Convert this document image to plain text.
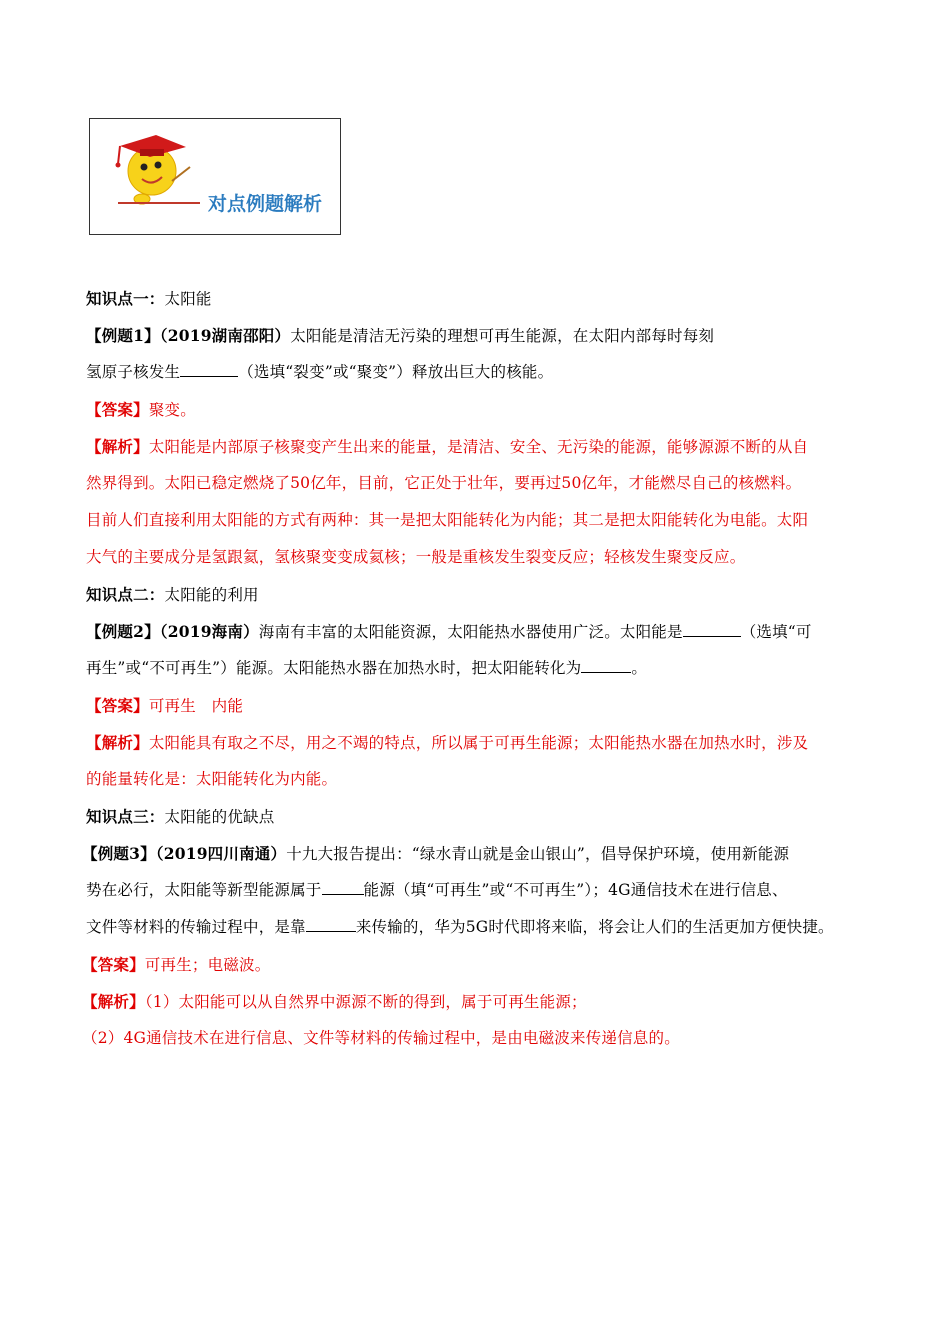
对点例题解析
知识点一：太阳能
【例题1】（2019湖南邵阳）太阳能是清洁无污染的理想可再生能源，在太阳内部每时每刻
氢原子核发生	（选填“裂变”或“聚变”）释放出巨大的核能。
【答案】聚变。
【解析】太阳能是内部原子核聚变产生出来的能量，是清洁、安全、无污染的能源，能够源源不断的从自
然界得到。太阳已稳定燃烧了50亿年，目前，它正处于壮年，要再过50亿年，才能燃尽自己的核燃料。
目前人们直接利用太阳能的方式有两种：其一是把太阳能转化为内能；其二是把太阳能转化为电能。太阳
大气的主要成分是氢跟氦，氢核聚变变成氦核；一般是重核发生裂变反应；轻核发生聚变反应。
知识点二：太阳能的利用
【例题2】（2019海南）海南有丰富的太阳能资源，太阳能热水器使用广泛。太阳能是	（选填“可
再生”或“不可再生”）能源。太阳能热水器在加热水时，把太阳能转化为	。
【答案】可再生　内能
【解析】太阳能具有取之不尽，用之不竭的特点，所以属于可再生能源；太阳能热水器在加热水时，涉及
的能量转化是：太阳能转化为内能。
知识点三：太阳能的优缺点
【例题3】（2019四川南通）十九大报告提出：“绿水青山就是金山银山”，倡导保护环境，使用新能源
势在必行，太阳能等新型能源属于	能源（填“可再生”或“不可再生”）；4G通信技术在进行信息、
文件等材料的传输过程中，是靠	来传输的，华为5G时代即将来临，将会让人们的生活更加方便快捷。
【答案】可再生；电磁波。
【解析】（1）太阳能可以从自然界中源源不断的得到，属于可再生能源；
（2）4G通信技术在进行信息、文件等材料的传输过程中，是由电磁波来传递信息的。
